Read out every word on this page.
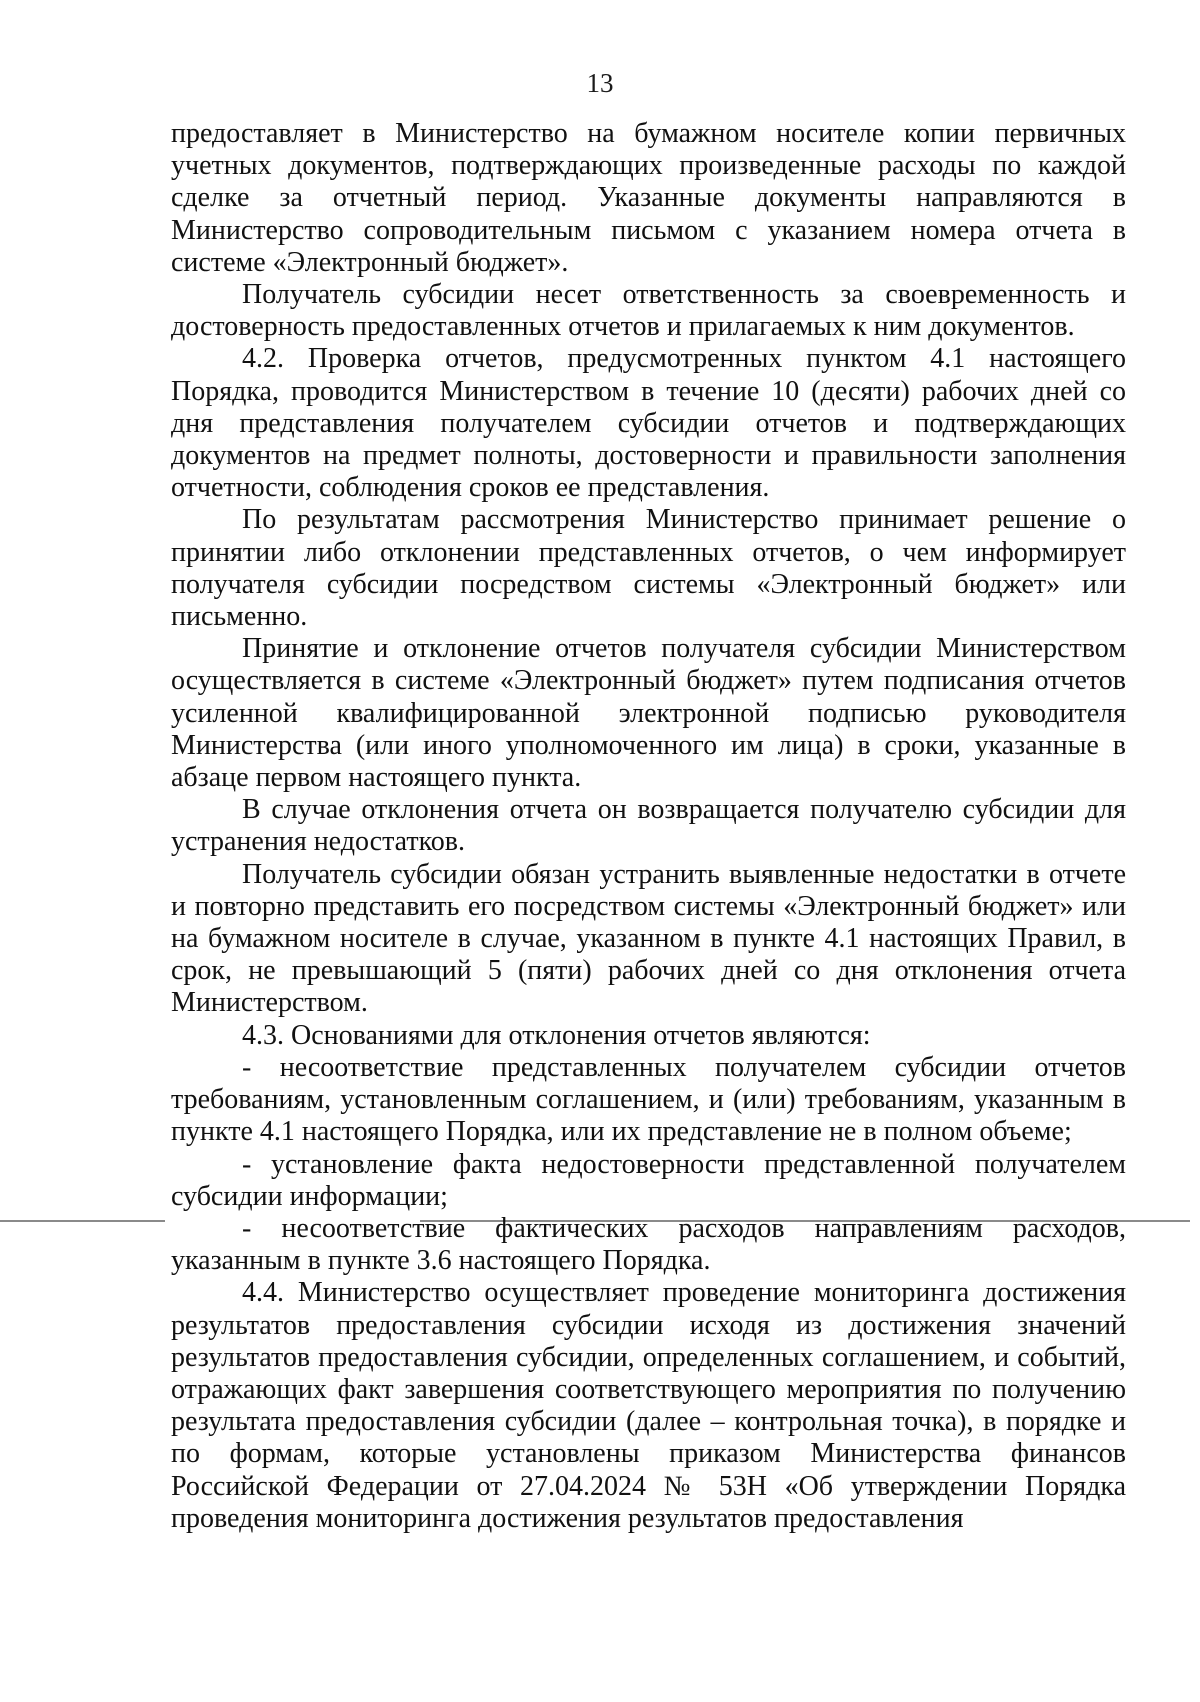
13

предоставляет в Министерство на бумажном носителе копии первичных учетных документов, подтверждающих произведенные расходы по каждой сделке за отчетный период. Указанные документы направляются в Министерство сопроводительным письмом с указанием номера отчета в системе «Электронный бюджет».

Получатель субсидии несет ответственность за своевременность и достоверность предоставленных отчетов и прилагаемых к ним документов.

4.2. Проверка отчетов, предусмотренных пунктом 4.1 настоящего Порядка, проводится Министерством в течение 10 (десяти) рабочих дней со дня представления получателем субсидии отчетов и подтверждающих документов на предмет полноты, достоверности и правильности заполнения отчетности, соблюдения сроков ее представления.

По результатам рассмотрения Министерство принимает решение о принятии либо отклонении представленных отчетов, о чем информирует получателя субсидии посредством системы «Электронный бюджет» или письменно.

Принятие и отклонение отчетов получателя субсидии Министерством осуществляется в системе «Электронный бюджет» путем подписания отчетов усиленной квалифицированной электронной подписью руководителя Министерства (или иного уполномоченного им лица) в сроки, указанные в абзаце первом настоящего пункта.

В случае отклонения отчета он возвращается получателю субсидии для устранения недостатков.

Получатель субсидии обязан устранить выявленные недостатки в отчете и повторно представить его посредством системы «Электронный бюджет» или на бумажном носителе в случае, указанном в пункте 4.1 настоящих Правил, в срок, не превышающий 5 (пяти) рабочих дней со дня отклонения отчета Министерством.

4.3. Основаниями для отклонения отчетов являются:

- несоответствие представленных получателем субсидии отчетов требованиям, установленным соглашением, и (или) требованиям, указанным в пункте 4.1 настоящего Порядка, или их представление не в полном объеме;

- установление факта недостоверности представленной получателем субсидии информации;

- несоответствие фактических расходов направлениям расходов, указанным в пункте 3.6 настоящего Порядка.

4.4. Министерство осуществляет проведение мониторинга достижения результатов предоставления субсидии исходя из достижения значений результатов предоставления субсидии, определенных соглашением, и событий, отражающих факт завершения соответствующего мероприятия по получению результата предоставления субсидии (далее – контрольная точка), в порядке и по формам, которые установлены приказом Министерства финансов Российской Федерации от 27.04.2024 № 53Н «Об утверждении Порядка проведения мониторинга достижения результатов предоставления
